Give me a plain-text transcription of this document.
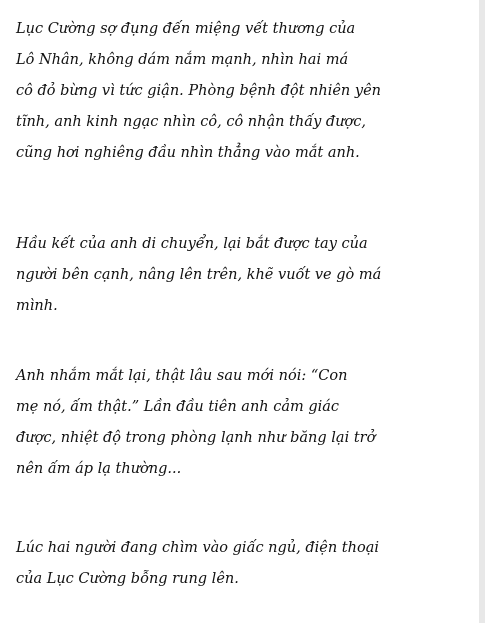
Lục Cường sợ đụng đến miệng vết thương của
Lô Nhân, không dám nắm mạnh, nhìn hai má
cô đỏ bừng vì tức giận. Phòng bệnh đột nhiên yên
tĩnh, anh kinh ngạc nhìn cô, cô nhận thấy được,
cũng hơi nghiêng đầu nhìn thẳng vào mắt anh.

Hầu kết của anh di chuyển, lại bắt được tay của
người bên cạnh, nâng lên trên, khẽ vuốt ve gò má
mình.

Anh nhắm mắt lại, thật lâu sau mới nói: “Con
mẹ nó, ấm thật.” Lần đầu tiên anh cảm giác
được, nhiệt độ trong phòng lạnh như băng lại trở
nên ấm áp lạ thường...

Lúc hai người đang chìm vào giấc ngủ, điện thoại
của Lục Cường bỗng rung lên.
